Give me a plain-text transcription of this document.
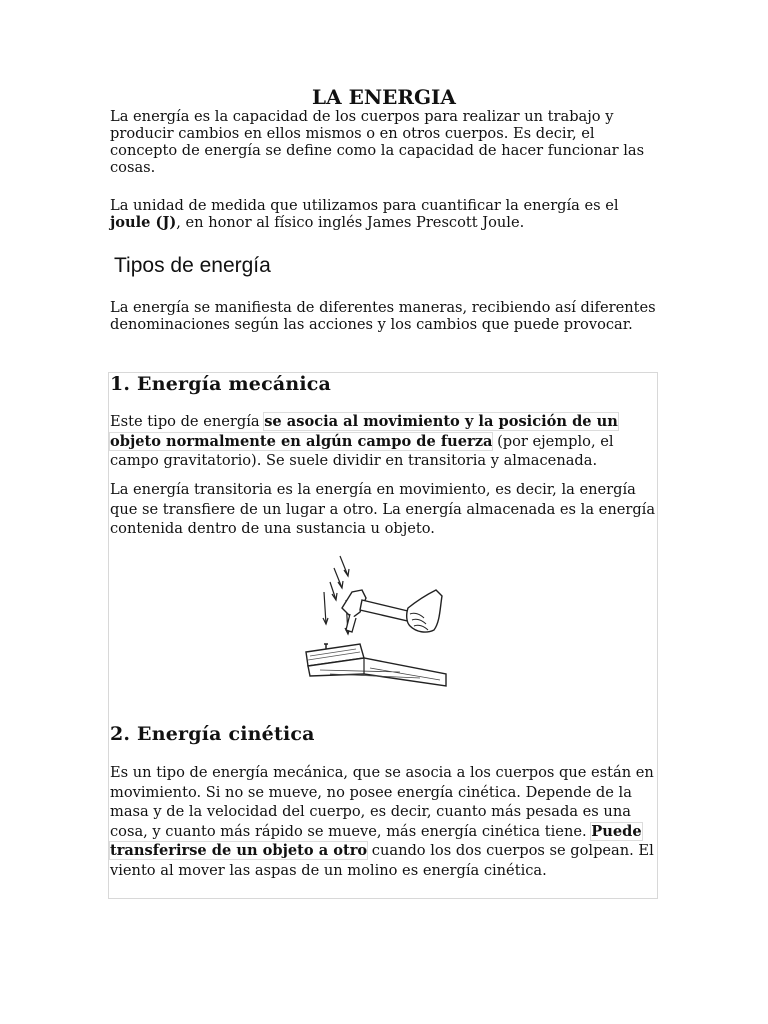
LA ENERGIA

La energía es la capacidad de los cuerpos para realizar un trabajo y producir cambios en ellos mismos o en otros cuerpos. Es decir, el concepto de energía se define como la capacidad de hacer funcionar las cosas.

La unidad de medida que utilizamos para cuantificar la energía es el joule (J), en honor al físico inglés James Prescott Joule.

Tipos de energía

La energía se manifiesta de diferentes maneras, recibiendo así diferentes denominaciones según las acciones y los cambios que puede provocar.

1. Energía mecánica

Este tipo de energía se asocia al movimiento y la posición de un objeto normalmente en algún campo de fuerza (por ejemplo, el campo gravitatorio). Se suele dividir en transitoria y almacenada.

La energía transitoria es la energía en movimiento, es decir, la energía que se transfiere de un lugar a otro. La energía almacenada es la energía contenida dentro de una sustancia u objeto.

2. Energía cinética

Es un tipo de energía mecánica, que se asocia a los cuerpos que están en movimiento. Si no se mueve, no posee energía cinética. Depende de la masa y de la velocidad del cuerpo, es decir, cuanto más pesada es una cosa, y cuanto más rápido se mueve, más energía cinética tiene. Puede transferirse de un objeto a otro cuando los dos cuerpos se golpean. El viento al mover las aspas de un molino es energía cinética.
